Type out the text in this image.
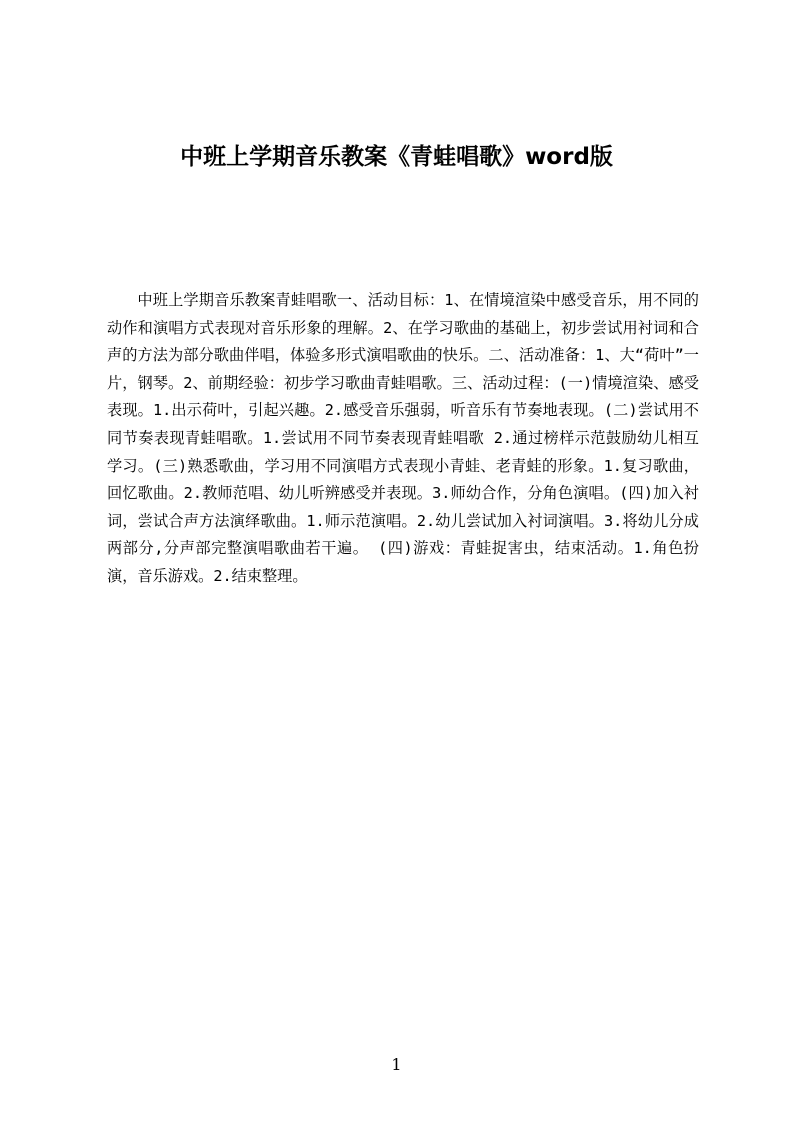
中班上学期音乐教案《青蛙唱歌》word版

中班上学期音乐教案青蛙唱歌一、活动目标：1、在情境渲染中感受音乐，用不同的动作和演唱方式表现对音乐形象的理解。2、在学习歌曲的基础上，初步尝试用衬词和合声的方法为部分歌曲伴唱，体验多形式演唱歌曲的快乐。二、活动准备：1、大“荷叶”一片，钢琴。2、前期经验：初步学习歌曲青蛙唱歌。三、活动过程：(一)情境渲染、感受表现。1.出示荷叶，引起兴趣。2.感受音乐强弱，听音乐有节奏地表现。(二)尝试用不同节奏表现青蛙唱歌。1.尝试用不同节奏表现青蛙唱歌 2.通过榜样示范鼓励幼儿相互学习。(三)熟悉歌曲，学习用不同演唱方式表现小青蛙、老青蛙的形象。1.复习歌曲，回忆歌曲。2.教师范唱、幼儿听辨感受并表现。3.师幼合作，分角色演唱。(四)加入衬词，尝试合声方法演绎歌曲。1.师示范演唱。2.幼儿尝试加入衬词演唱。3.将幼儿分成两部分,分声部完整演唱歌曲若干遍。 (四)游戏：青蛙捉害虫，结束活动。1.角色扮演，音乐游戏。2.结束整理。

1
